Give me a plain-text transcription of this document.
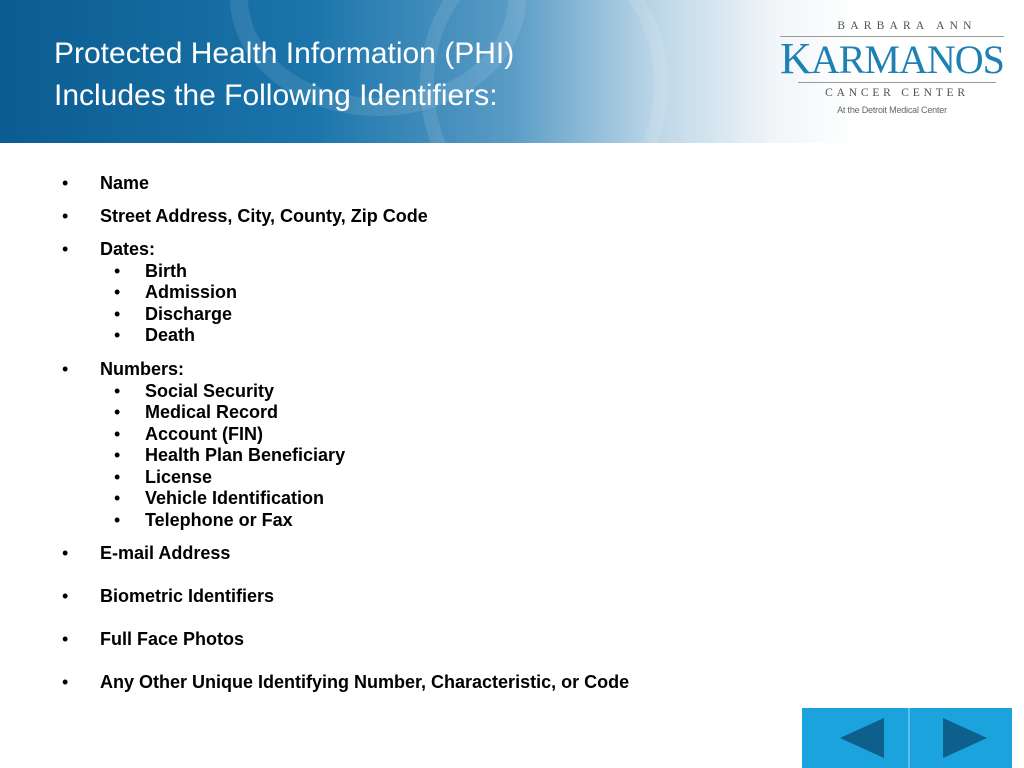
Protected Health Information (PHI)
Includes the Following Identifiers:
BARBARA ANN
KARMANOS
CANCER CENTER
At the Detroit Medical Center
• Name
• Street Address, City, County, Zip Code
• Dates:
• Birth
• Admission
• Discharge
• Death
• Numbers:
• Social Security
• Medical Record
• Account (FIN)
• Health Plan Beneficiary
• License
• Vehicle Identification
• Telephone or Fax
• E-mail Address
• Biometric Identifiers
• Full Face Photos
• Any Other Unique Identifying Number, Characteristic, or Code
